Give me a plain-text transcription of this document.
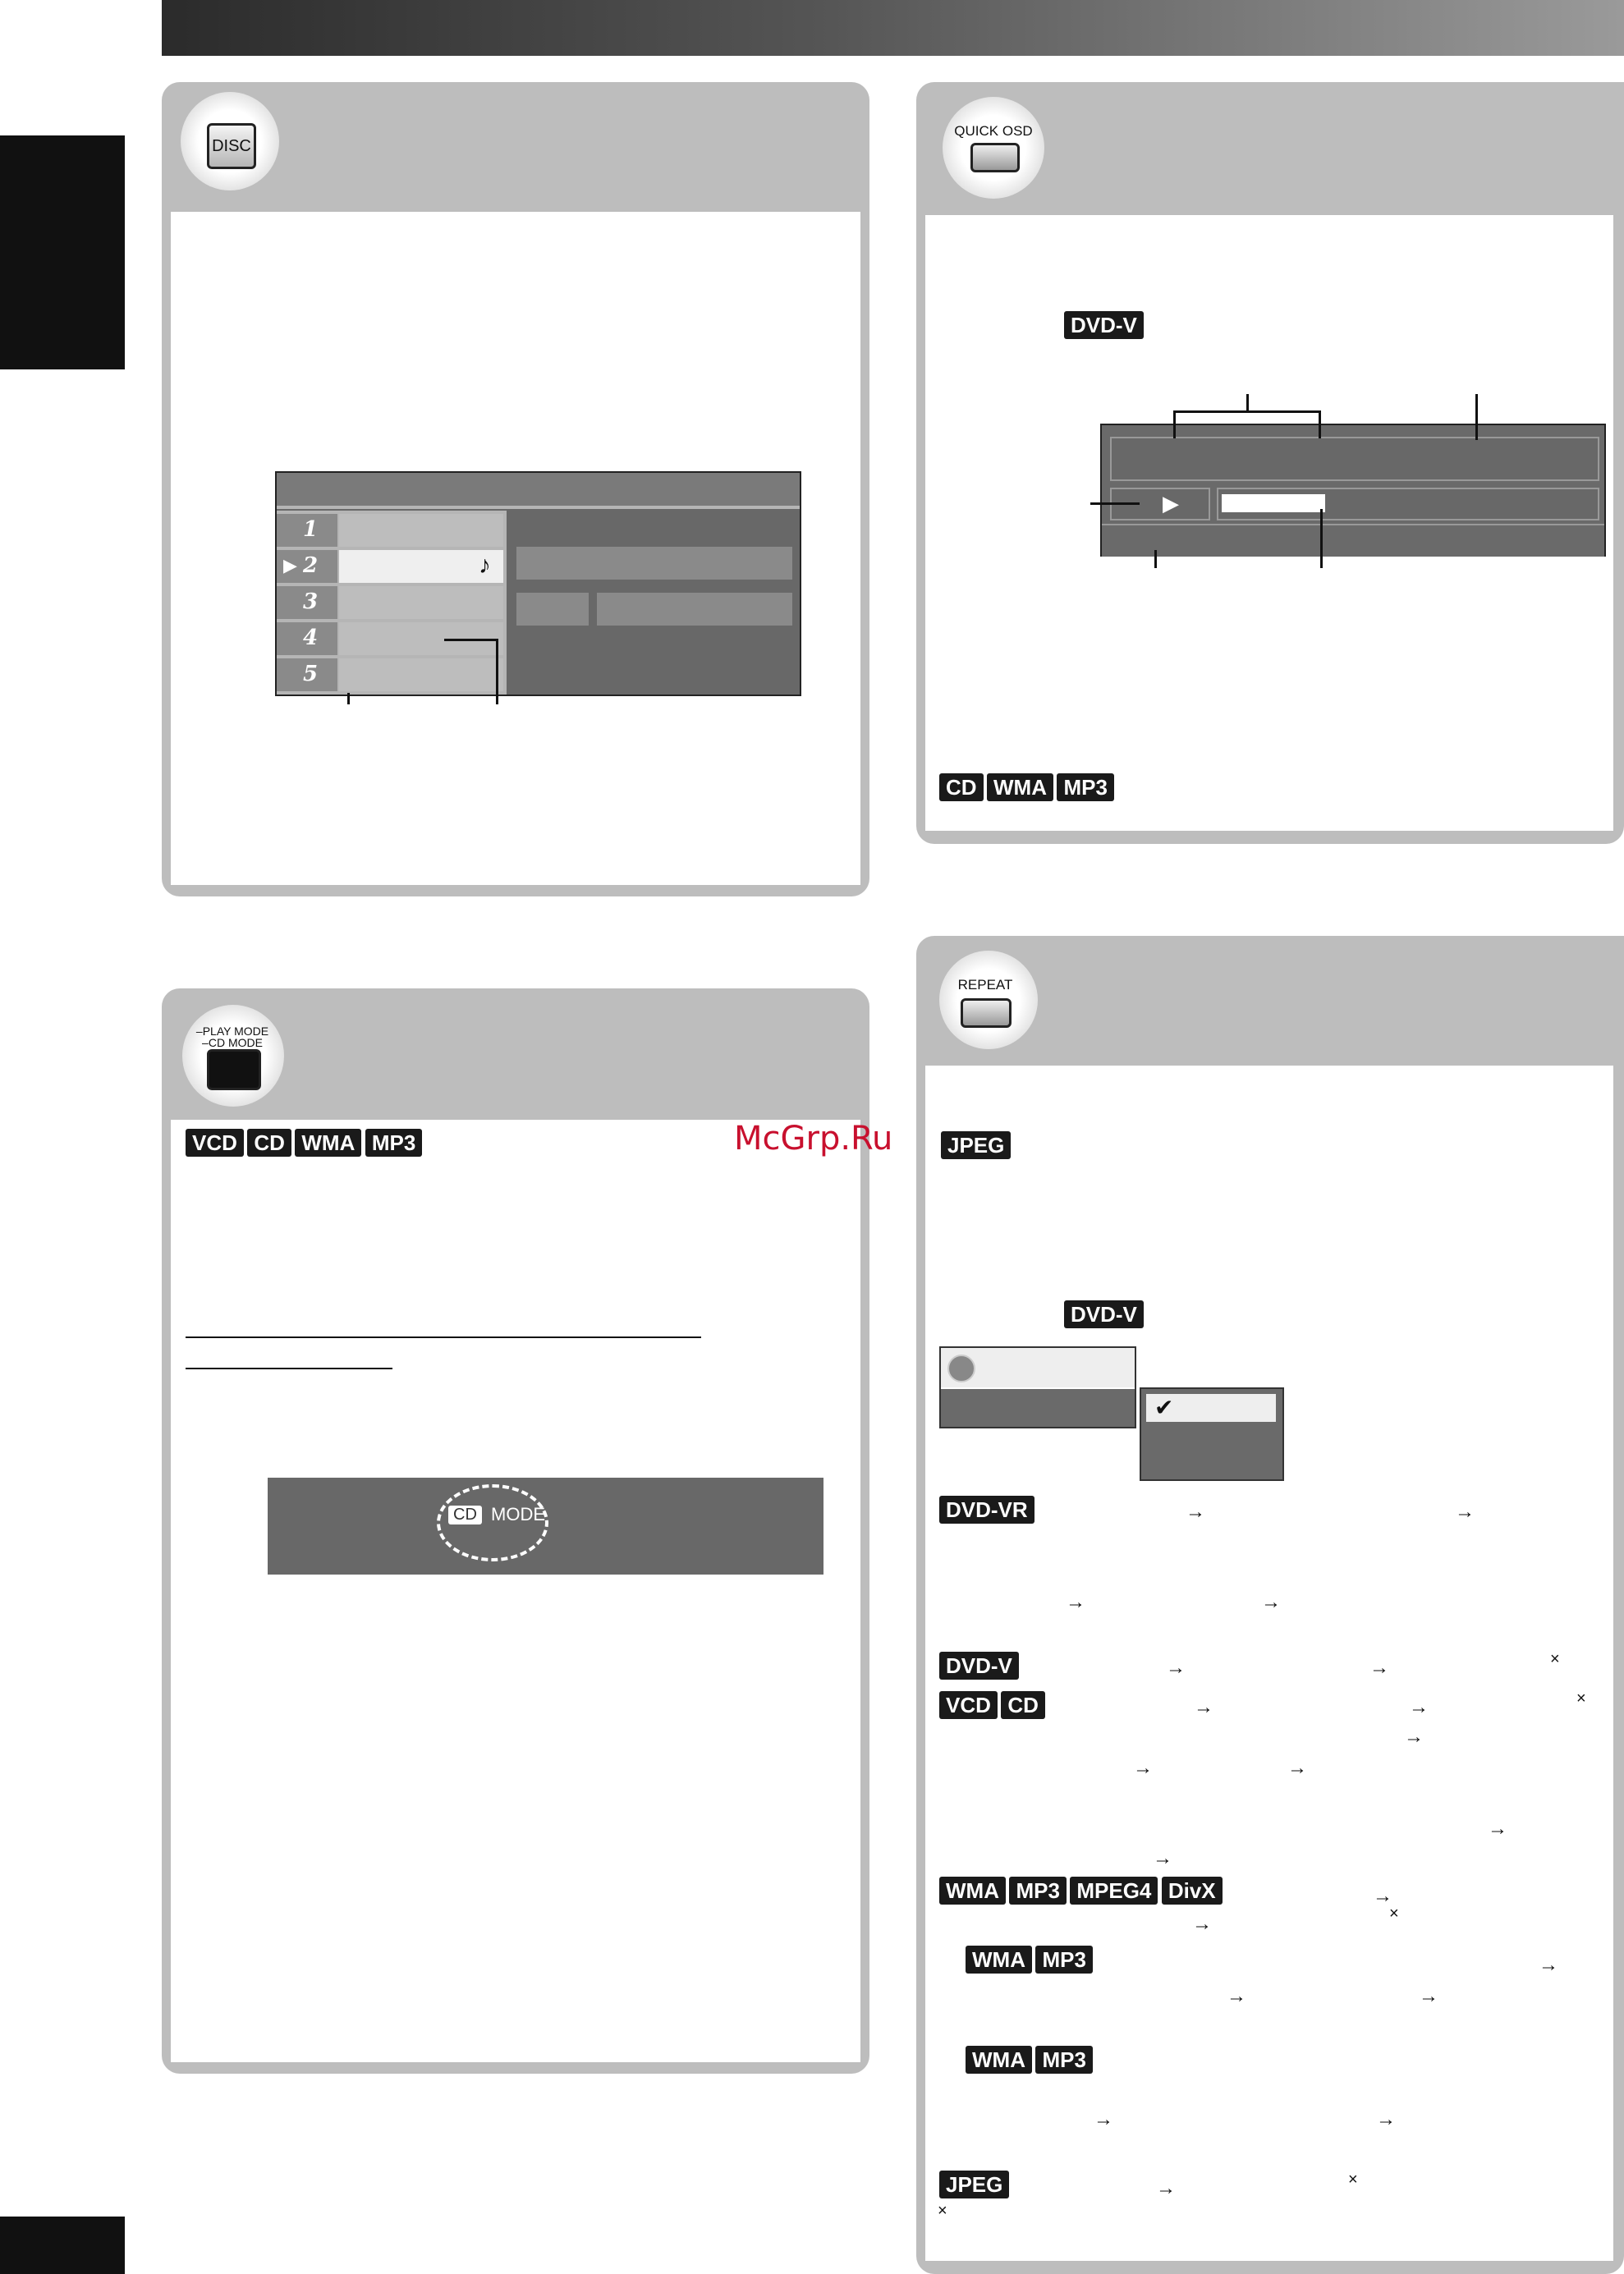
DISC
1
▶ 2	♪
3
4
5
QUICK OSD
DVD-V
▶
CD WMA MP3
–PLAY MODE
–CD MODE
VCD CD WMA MP3
CD MODE
McGrp.Ru
REPEAT
JPEG
DVD-V
✔
DVD-VR	→	→
→	→
DVD-V	→	→	×
VCD CD	→	→	×
→
→	→
→
→
WMA MP3 MPEG4 DivX	→
×
→
WMA MP3	→
→	→
WMA MP3
→	→
JPEG	→	×
×
